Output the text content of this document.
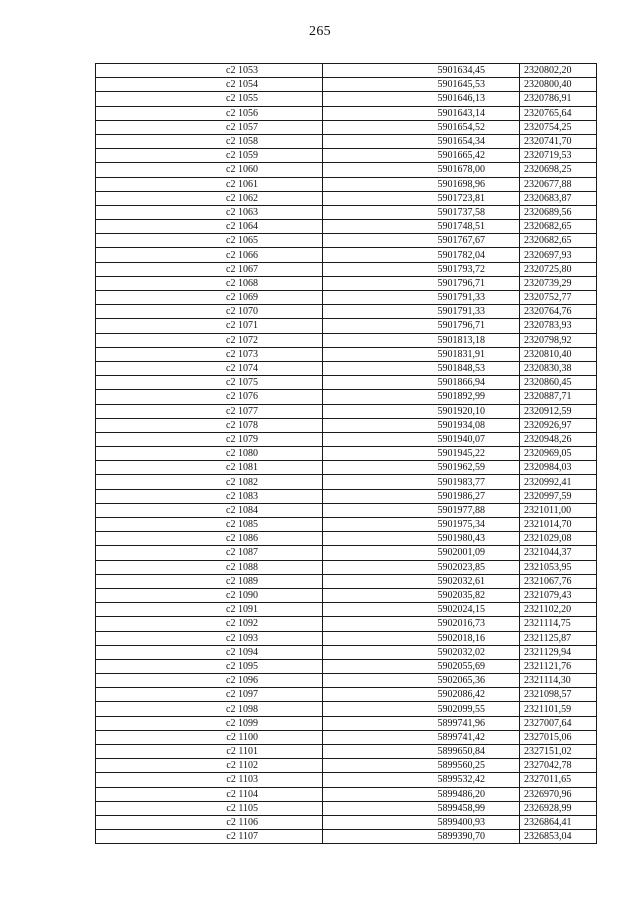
265
c2 1053	5901634,45	2320802,20
c2 1054	5901645,53	2320800,40
c2 1055	5901646,13	2320786,91
c2 1056	5901643,14	2320765,64
c2 1057	5901654,52	2320754,25
c2 1058	5901654,34	2320741,70
c2 1059	5901665,42	2320719,53
c2 1060	5901678,00	2320698,25
c2 1061	5901698,96	2320677,88
c2 1062	5901723,81	2320683,87
c2 1063	5901737,58	2320689,56
c2 1064	5901748,51	2320682,65
c2 1065	5901767,67	2320682,65
c2 1066	5901782,04	2320697,93
c2 1067	5901793,72	2320725,80
c2 1068	5901796,71	2320739,29
c2 1069	5901791,33	2320752,77
c2 1070	5901791,33	2320764,76
c2 1071	5901796,71	2320783,93
c2 1072	5901813,18	2320798,92
c2 1073	5901831,91	2320810,40
c2 1074	5901848,53	2320830,38
c2 1075	5901866,94	2320860,45
c2 1076	5901892,99	2320887,71
c2 1077	5901920,10	2320912,59
c2 1078	5901934,08	2320926,97
c2 1079	5901940,07	2320948,26
c2 1080	5901945,22	2320969,05
c2 1081	5901962,59	2320984,03
c2 1082	5901983,77	2320992,41
c2 1083	5901986,27	2320997,59
c2 1084	5901977,88	2321011,00
c2 1085	5901975,34	2321014,70
c2 1086	5901980,43	2321029,08
c2 1087	5902001,09	2321044,37
c2 1088	5902023,85	2321053,95
c2 1089	5902032,61	2321067,76
c2 1090	5902035,82	2321079,43
c2 1091	5902024,15	2321102,20
c2 1092	5902016,73	2321114,75
c2 1093	5902018,16	2321125,87
c2 1094	5902032,02	2321129,94
c2 1095	5902055,69	2321121,76
c2 1096	5902065,36	2321114,30
c2 1097	5902086,42	2321098,57
c2 1098	5902099,55	2321101,59
c2 1099	5899741,96	2327007,64
c2 1100	5899741,42	2327015,06
c2 1101	5899650,84	2327151,02
c2 1102	5899560,25	2327042,78
c2 1103	5899532,42	2327011,65
c2 1104	5899486,20	2326970,96
c2 1105	5899458,99	2326928,99
c2 1106	5899400,93	2326864,41
c2 1107	5899390,70	2326853,04
